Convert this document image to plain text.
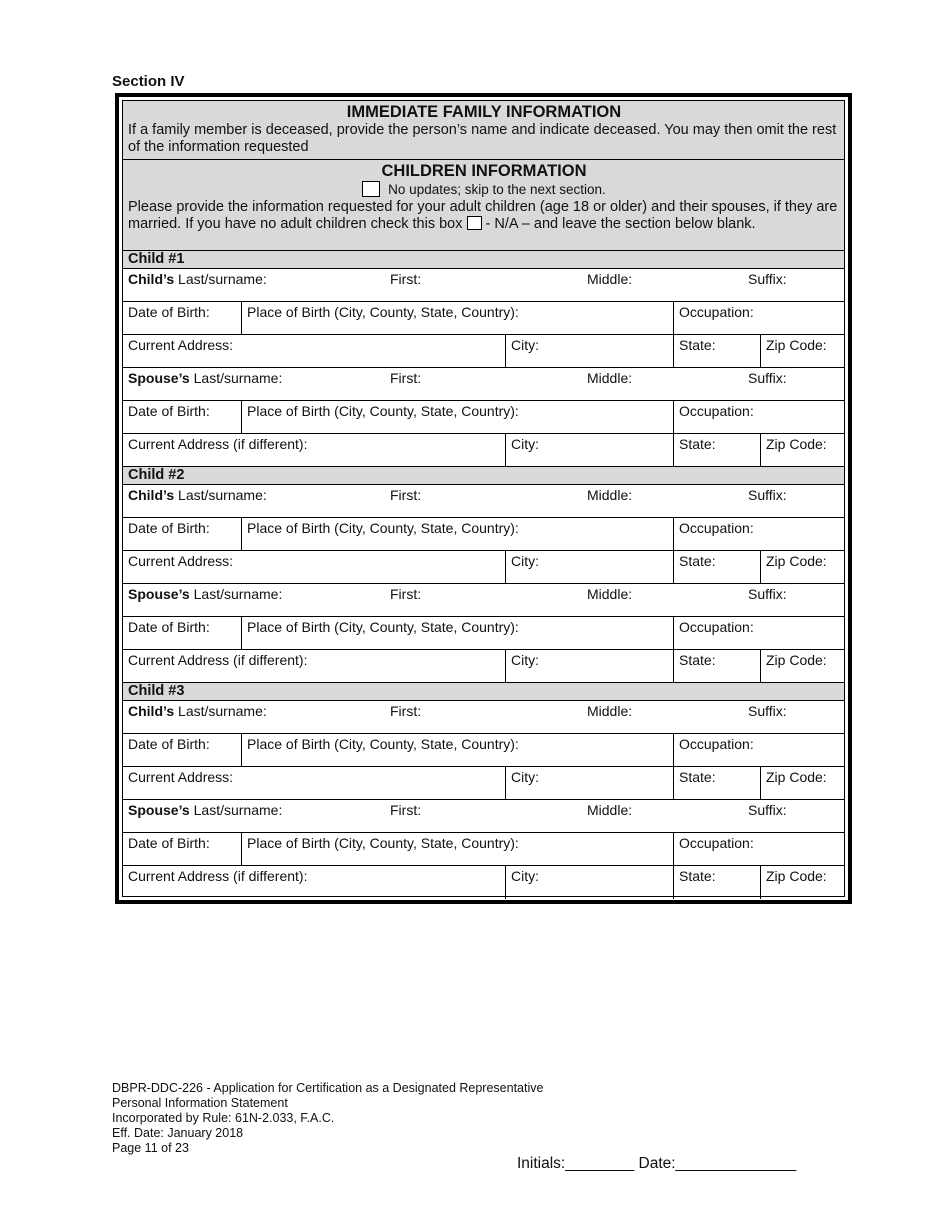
Section IV
IMMEDIATE FAMILY INFORMATION
If a family member is deceased, provide the person’s name and indicate deceased. You may then omit the rest of the information requested
CHILDREN INFORMATION
No updates; skip to the next section.
Please provide the information requested for your adult children (age 18 or older) and their spouses, if they are married. If you have no adult children check this box - N/A – and leave the section below blank.
Child #1
Child’s Last/surname:	First:	Middle:	Suffix:
Date of Birth:	Place of Birth (City, County, State, Country):	Occupation:
Current Address:	City:	State:	Zip Code:
Spouse’s Last/surname:	First:	Middle:	Suffix:
Date of Birth:	Place of Birth (City, County, State, Country):	Occupation:
Current Address (if different):	City:	State:	Zip Code:
Child #2
Child’s Last/surname:	First:	Middle:	Suffix:
Date of Birth:	Place of Birth (City, County, State, Country):	Occupation:
Current Address:	City:	State:	Zip Code:
Spouse’s Last/surname:	First:	Middle:	Suffix:
Date of Birth:	Place of Birth (City, County, State, Country):	Occupation:
Current Address (if different):	City:	State:	Zip Code:
Child #3
Child’s Last/surname:	First:	Middle:	Suffix:
Date of Birth:	Place of Birth (City, County, State, Country):	Occupation:
Current Address:	City:	State:	Zip Code:
Spouse’s Last/surname:	First:	Middle:	Suffix:
Date of Birth:	Place of Birth (City, County, State, Country):	Occupation:
Current Address (if different):	City:	State:	Zip Code:
DBPR-DDC-226 - Application for Certification as a Designated Representative
Personal Information Statement
Incorporated by Rule: 61N-2.033, F.A.C.
Eff. Date: January 2018
Page 11 of 23
Initials:________ Date:______________
